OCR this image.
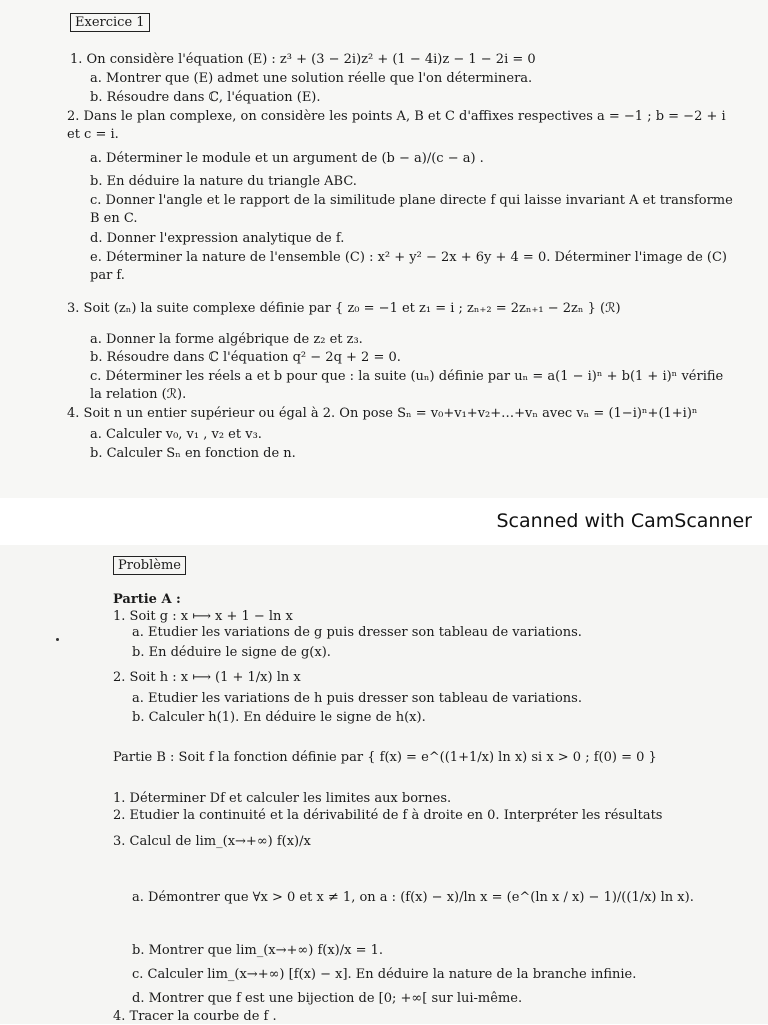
Exercice 1
1. On considère l'équation (E) : z³ + (3 − 2i)z² + (1 − 4i)z − 1 − 2i = 0
a. Montrer que (E) admet une solution réelle que l'on déterminera.
b. Résoudre dans ℂ, l'équation (E).
2. Dans le plan complexe, on considère les points A, B et C d'affixes respectives a = −1 ; b = −2 + i
et c = i.
a. Déterminer le module et un argument de (b − a)/(c − a) .
b. En déduire la nature du triangle ABC.
c. Donner l'angle et le rapport de la similitude plane directe f qui laisse invariant A et transforme
B en C.
d. Donner l'expression analytique de f.
e. Déterminer la nature de l'ensemble (C) : x² + y² − 2x + 6y + 4 = 0. Déterminer l'image de (C)
par f.
3. Soit (zₙ) la suite complexe définie par { z₀ = −1 et z₁ = i ; zₙ₊₂ = 2zₙ₊₁ − 2zₙ } (ℛ)
a. Donner la forme algébrique de z₂ et z₃.
b. Résoudre dans ℂ l'équation q² − 2q + 2 = 0.
c. Déterminer les réels a et b pour que : la suite (uₙ) définie par uₙ = a(1 − i)ⁿ + b(1 + i)ⁿ vérifie
la relation (ℛ).
4. Soit n un entier supérieur ou égal à 2. On pose Sₙ = v₀+v₁+v₂+…+vₙ avec vₙ = (1−i)ⁿ+(1+i)ⁿ
a. Calculer v₀, v₁ , v₂ et v₃.
b. Calculer Sₙ en fonction de n.
Scanned with CamScanner
Problème
Partie A :
1. Soit g : x ⟼ x + 1 − ln x
a. Etudier les variations de g puis dresser son tableau de variations.
b. En déduire le signe de g(x).
2. Soit h : x ⟼ (1 + 1/x) ln x
a. Etudier les variations de h puis dresser son tableau de variations.
b. Calculer h(1). En déduire le signe de h(x).
Partie B : Soit f la fonction définie par { f(x) = e^((1+1/x) ln x) si x > 0 ; f(0) = 0 }
1. Déterminer Df et calculer les limites aux bornes.
2. Etudier la continuité et la dérivabilité de f à droite en 0. Interpréter les résultats
3. Calcul de lim_(x→+∞) f(x)/x
a. Démontrer que ∀x > 0 et x ≠ 1, on a : (f(x) − x)/ln x = (e^(ln x / x) − 1)/((1/x) ln x).
b. Montrer que lim_(x→+∞) f(x)/x = 1.
c. Calculer lim_(x→+∞) [f(x) − x]. En déduire la nature de la branche infinie.
d. Montrer que f est une bijection de [0; +∞[ sur lui-même.
4. Tracer la courbe de f .
